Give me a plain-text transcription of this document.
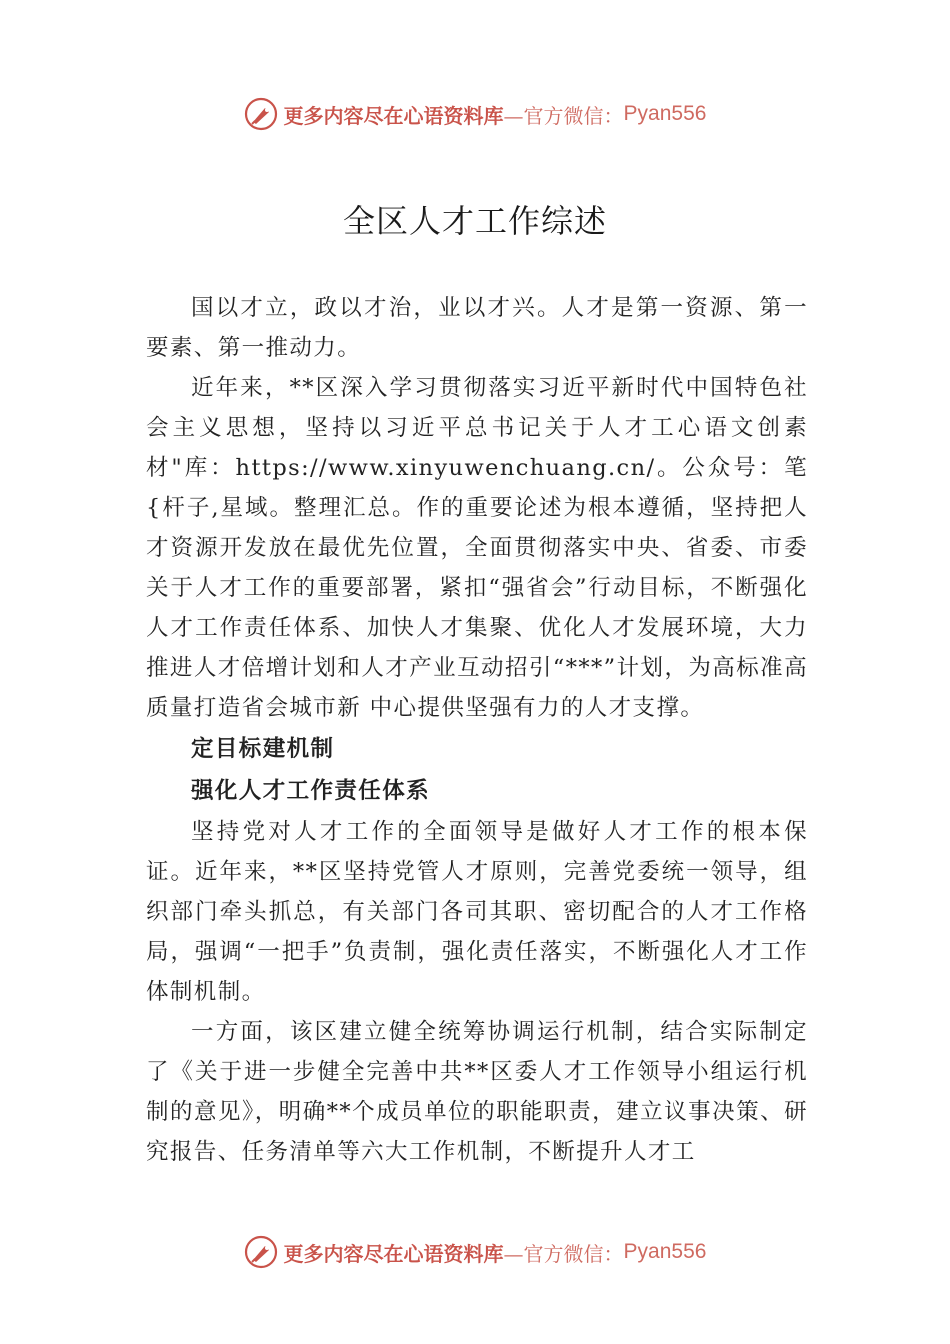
更多内容尽在心语资料库 —官方微信： Pyan556
全区人才工作综述

国以才立，政以才治，业以才兴。人才是第一资源、第一要素、第一推动力。

近年来，**区深入学习贯彻落实习近平新时代中国特色社会主义思想，坚持以习近平总书记关于人才工心语文创素材"库：https://www.xinyuwenchuang.cn/。公众号：笔{杆子,星域。整理汇总。作的重要论述为根本遵循，坚持把人才资源开发放在最优先位置，全面贯彻落实中央、省委、市委关于人才工作的重要部署，紧扣“强省会”行动目标，不断强化人才工作责任体系、加快人才集聚、优化人才发展环境，大力推进人才倍增计划和人才产业互动招引“***”计划，为高标准高质量打造省会城市新 中心提供坚强有力的人才支撑。

定目标建机制
强化人才工作责任体系

坚持党对人才工作的全面领导是做好人才工作的根本保证。近年来，**区坚持党管人才原则，完善党委统一领导，组织部门牵头抓总，有关部门各司其职、密切配合的人才工作格局，强调“一把手”负责制，强化责任落实，不断强化人才工作体制机制。

一方面，该区建立健全统筹协调运行机制，结合实际制定了《关于进一步健全完善中共**区委人才工作领导小组运行机制的意见》，明确**个成员单位的职能职责，建立议事决策、研究报告、任务清单等六大工作机制，不断提升人才工

更多内容尽在心语资料库 —官方微信： Pyan556
